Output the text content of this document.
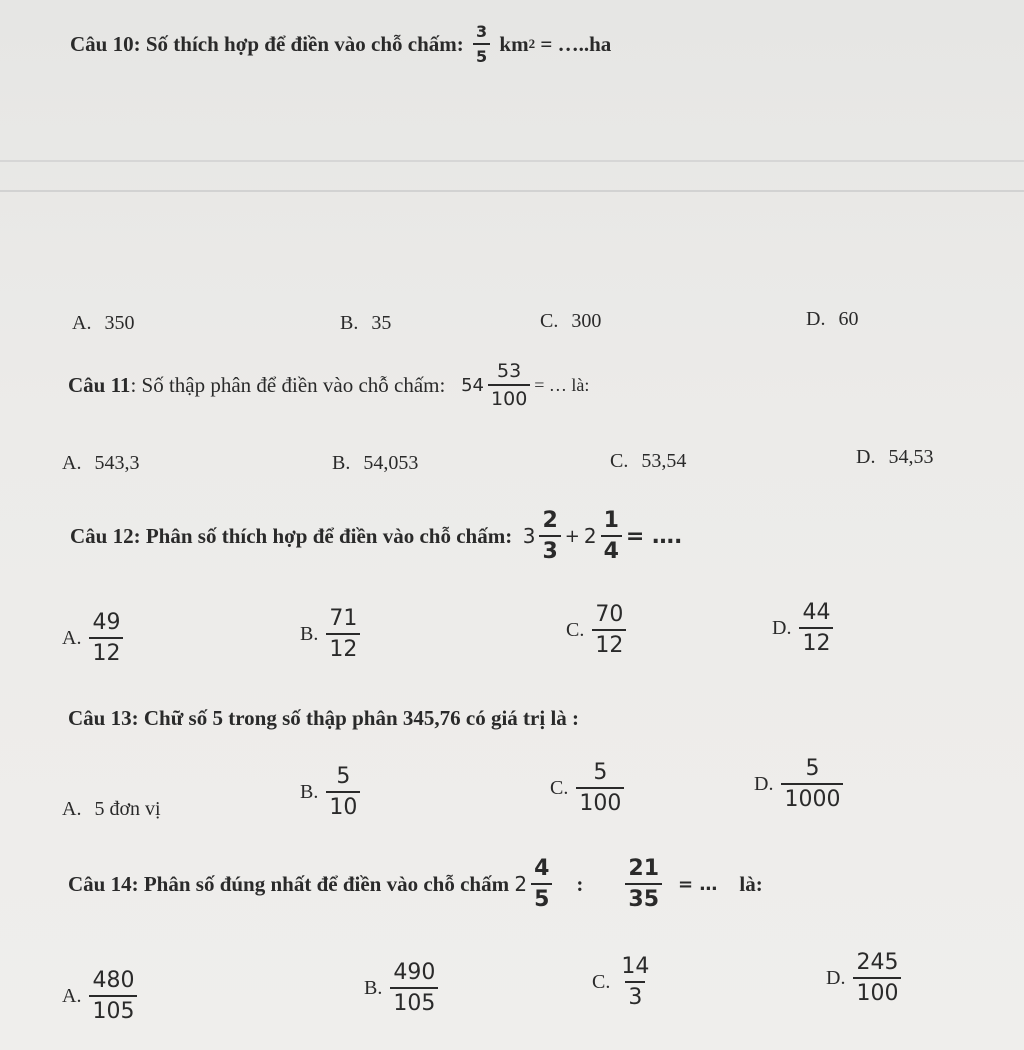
Câu 10:
Số thích hợp để điền vào chỗ chấm:
$\frac{3}{5}$
km 2
= …..ha
A.
350	B.
35	C.
300	D.
60
Câu 11 : Số thập phân để điền vào chỗ chấm:
$54 \frac{53}{100}$ = … là:
A.
543,3	B.
54,053	C.
53,54	D.
54,53
Câu 12:
Phân số thích hợp để điền vào chỗ chấm:
$3 \frac{2}{3} + 2 \frac{1}{4}$ = ….
A. $\frac{49}{12}$	B. $\frac{71}{12}$	C. $\frac{70}{12}$	D. $\frac{44}{12}$
Câu 13: Chữ số 5 trong số thập phân 345,76 có giá trị là :
A.
5 đơn vị
B. $\frac{5}{10}$	C. $\frac{5}{100}$	D. $\frac{5}{1000}$
Câu 14:
Phân số đúng nhất để điền vào chỗ chấm
$2 \frac{4}{5}$ : $\frac{21}{35}$ = … là:
A. $\frac{480}{105}$	B. $\frac{490}{105}$	C. $\frac{14}{3}$	D. $\frac{245}{100}$
